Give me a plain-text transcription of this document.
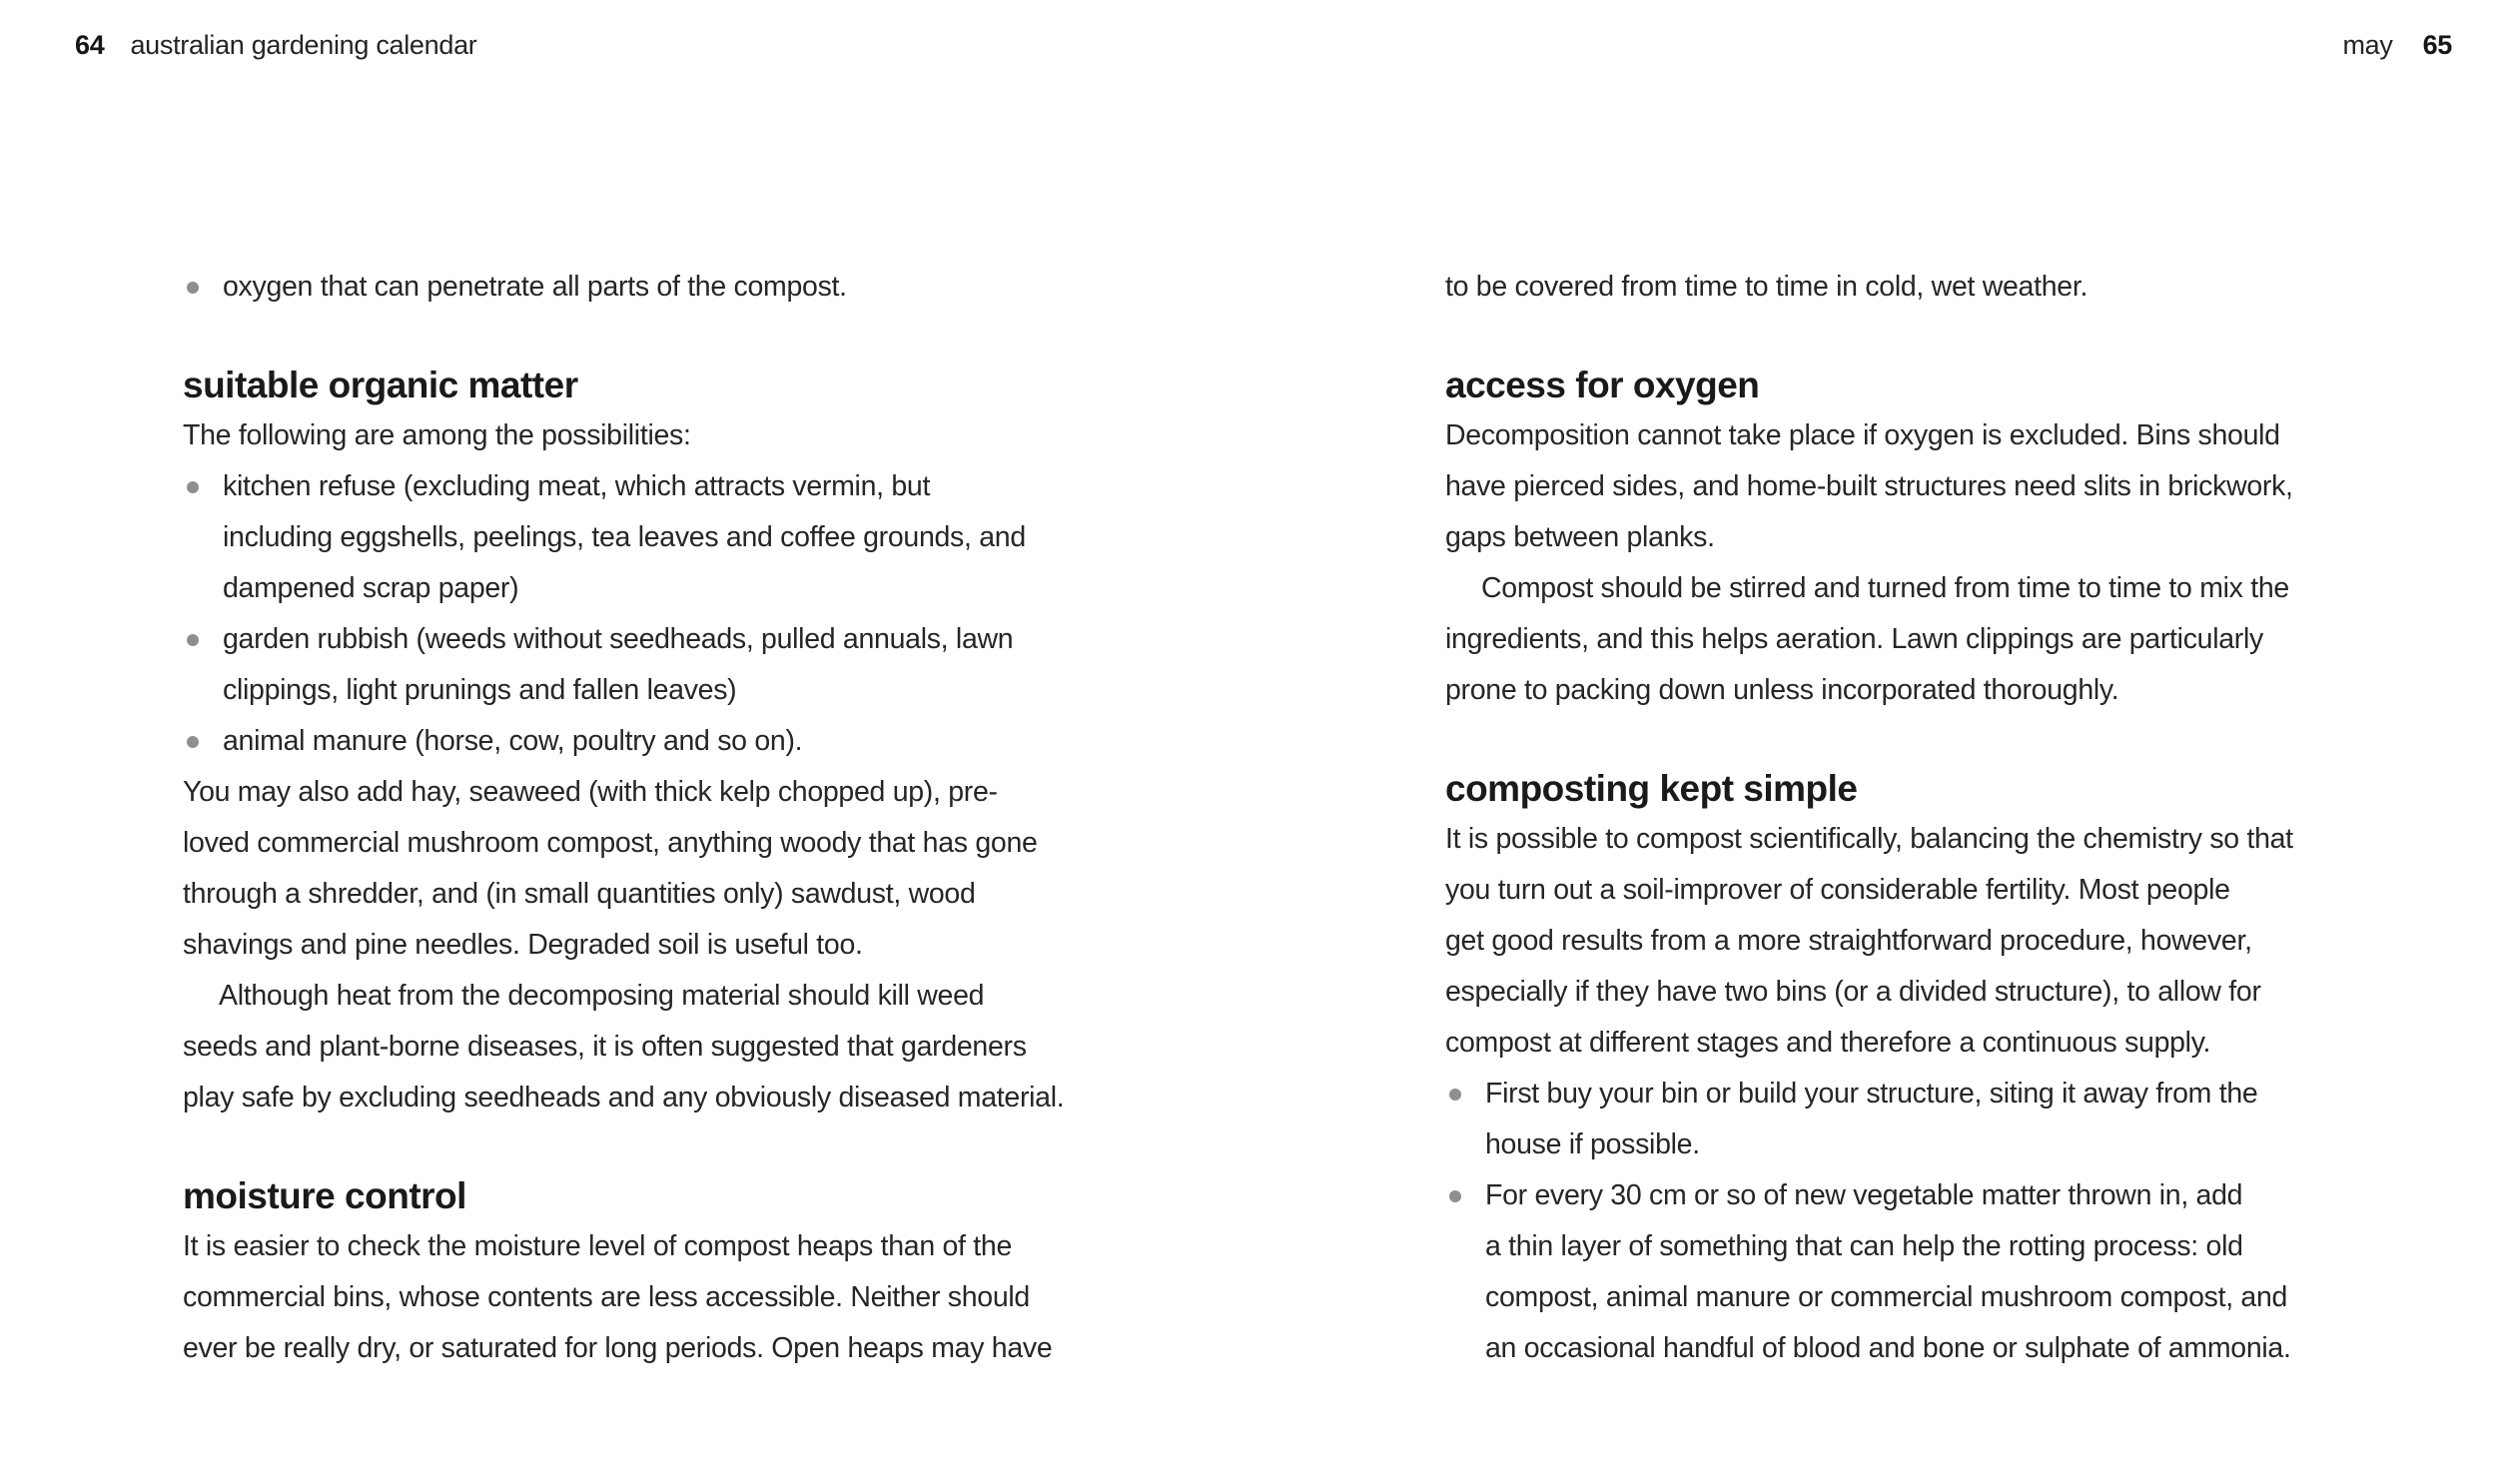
64 australian gardening calendar	may 65
oxygen that can penetrate all parts of the compost.
suitable organic matter
The following are among the possibilities:
kitchen refuse (excluding meat, which attracts vermin, but
including eggshells, peelings, tea leaves and coffee grounds, and
dampened scrap paper)
garden rubbish (weeds without seedheads, pulled annuals, lawn
clippings, light prunings and fallen leaves)
animal manure (horse, cow, poultry and so on).
You may also add hay, seaweed (with thick kelp chopped up), pre-
loved commercial mushroom compost, anything woody that has gone
through a shredder, and (in small quantities only) sawdust, wood
shavings and pine needles. Degraded soil is useful too.
Although heat from the decomposing material should kill weed
seeds and plant-borne diseases, it is often suggested that gardeners
play safe by excluding seedheads and any obviously diseased material.
moisture control
It is easier to check the moisture level of compost heaps than of the
commercial bins, whose contents are less accessible. Neither should
ever be really dry, or saturated for long periods. Open heaps may have
to be covered from time to time in cold, wet weather.
access for oxygen
Decomposition cannot take place if oxygen is excluded. Bins should
have pierced sides, and home-built structures need slits in brickwork,
gaps between planks.
Compost should be stirred and turned from time to time to mix the
ingredients, and this helps aeration. Lawn clippings are particularly
prone to packing down unless incorporated thoroughly.
composting kept simple
It is possible to compost scientifically, balancing the chemistry so that
you turn out a soil-improver of considerable fertility. Most people
get good results from a more straightforward procedure, however,
especially if they have two bins (or a divided structure), to allow for
compost at different stages and therefore a continuous supply.
First buy your bin or build your structure, siting it away from the
house if possible.
For every 30 cm or so of new vegetable matter thrown in, add
a thin layer of something that can help the rotting process: old
compost, animal manure or commercial mushroom compost, and
an occasional handful of blood and bone or sulphate of ammonia.
